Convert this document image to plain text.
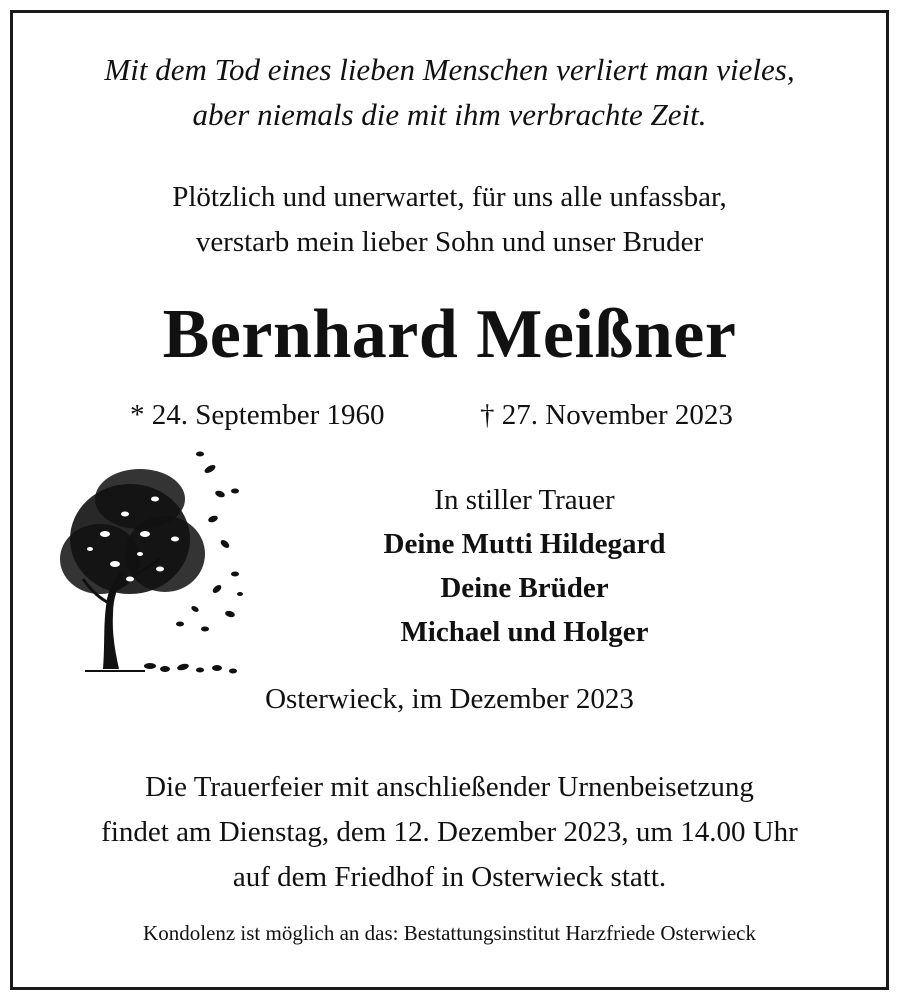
Mit dem Tod eines lieben Menschen verliert man vieles,
aber niemals die mit ihm verbrachte Zeit.
Plötzlich und unerwartet, für uns alle unfassbar,
verstarb mein lieber Sohn und unser Bruder
Bernhard Meißner
* 24. September 1960	† 27. November 2023
In stiller Trauer
Deine Mutti Hildegard
Deine Brüder
Michael und Holger
Osterwieck, im Dezember 2023
Die Trauerfeier mit anschließender Urnenbeisetzung
findet am Dienstag, dem 12. Dezember 2023, um 14.00 Uhr
auf dem Friedhof in Osterwieck statt.
Kondolenz ist möglich an das: Bestattungsinstitut Harzfriede Osterwieck
